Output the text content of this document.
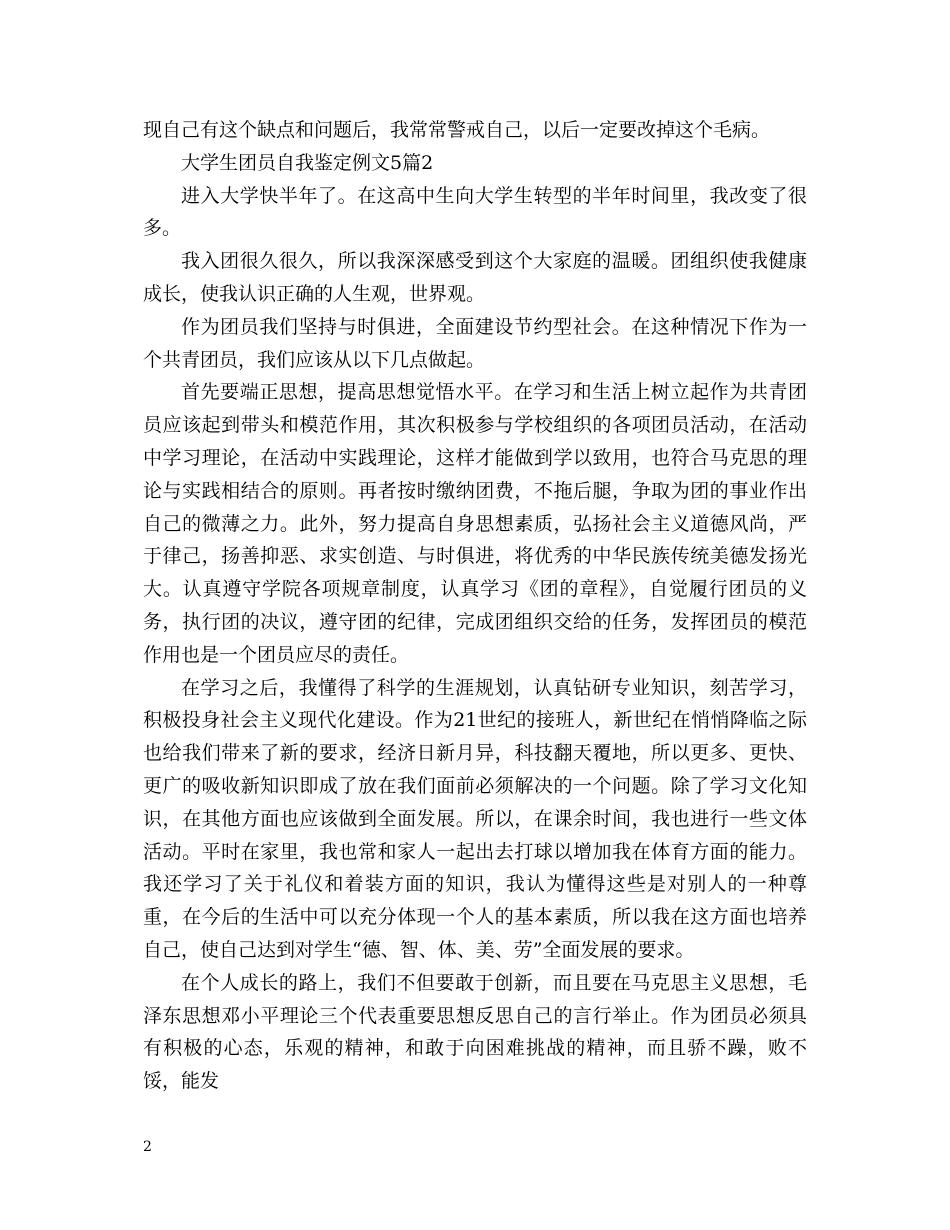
现自己有这个缺点和问题后，我常常警戒自己，以后一定要改掉这个毛病。

大学生团员自我鉴定例文5篇2

进入大学快半年了。在这高中生向大学生转型的半年时间里，我改变了很多。

我入团很久很久，所以我深深感受到这个大家庭的温暖。团组织使我健康成长，使我认识正确的人生观，世界观。

作为团员我们坚持与时俱进，全面建设节约型社会。在这种情况下作为一个共青团员，我们应该从以下几点做起。

首先要端正思想，提高思想觉悟水平。在学习和生活上树立起作为共青团员应该起到带头和模范作用，其次积极参与学校组织的各项团员活动，在活动中学习理论，在活动中实践理论，这样才能做到学以致用，也符合马克思的理论与实践相结合的原则。再者按时缴纳团费，不拖后腿，争取为团的事业作出自己的微薄之力。此外，努力提高自身思想素质，弘扬社会主义道德风尚，严于律己，扬善抑恶、求实创造、与时俱进，将优秀的中华民族传统美德发扬光大。认真遵守学院各项规章制度，认真学习《团的章程》，自觉履行团员的义务，执行团的决议，遵守团的纪律，完成团组织交给的任务，发挥团员的模范作用也是一个团员应尽的责任。

在学习之后，我懂得了科学的生涯规划，认真钻研专业知识，刻苦学习，积极投身社会主义现代化建设。作为21世纪的接班人，新世纪在悄悄降临之际也给我们带来了新的要求，经济日新月异，科技翻天覆地，所以更多、更快、更广的吸收新知识即成了放在我们面前必须解决的一个问题。除了学习文化知识，在其他方面也应该做到全面发展。所以，在课余时间，我也进行一些文体活动。平时在家里，我也常和家人一起出去打球以增加我在体育方面的能力。我还学习了关于礼仪和着装方面的知识，我认为懂得这些是对别人的一种尊重，在今后的生活中可以充分体现一个人的基本素质，所以我在这方面也培养自己，使自己达到对学生“德、智、体、美、劳”全面发展的要求。

在个人成长的路上，我们不但要敢于创新，而且要在马克思主义思想，毛泽东思想邓小平理论三个代表重要思想反思自己的言行举止。作为团员必须具有积极的心态，乐观的精神，和敢于向困难挑战的精神，而且骄不躁，败不馁，能发

2
